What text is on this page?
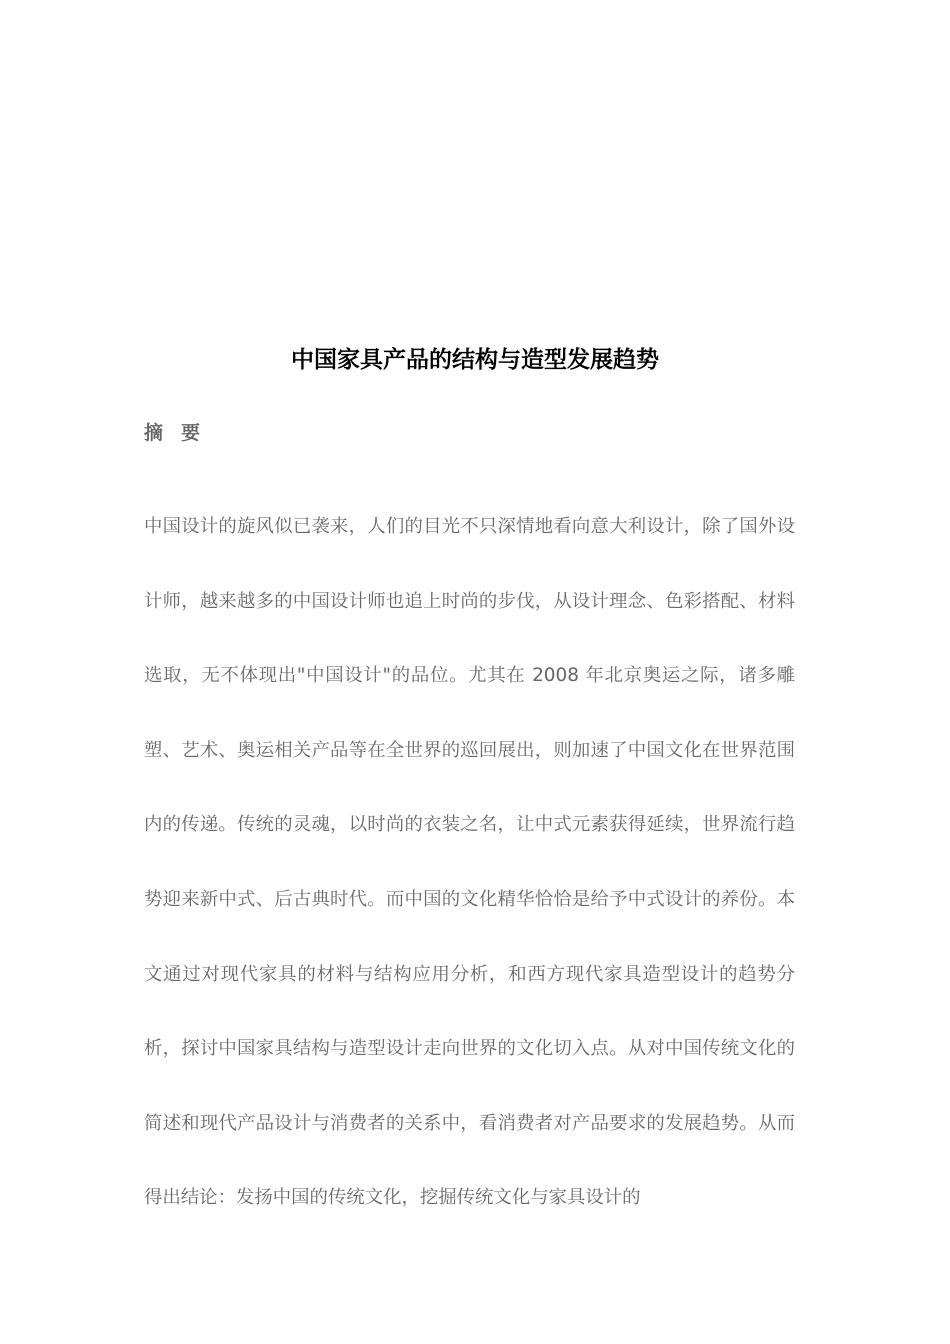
中国家具产品的结构与造型发展趋势
摘要

中国设计的旋风似已袭来，人们的目光不只深情地看向意大利设计，除了国外设计师，越来越多的中国设计师也追上时尚的步伐，从设计理念、色彩搭配、材料选取，无不体现出"中国设计"的品位。尤其在 2008 年北京奥运之际，诸多雕塑、艺术、奥运相关产品等在全世界的巡回展出，则加速了中国文化在世界范围内的传递。传统的灵魂，以时尚的衣装之名，让中式元素获得延续，世界流行趋势迎来新中式、后古典时代。而中国的文化精华恰恰是给予中式设计的养份。本文通过对现代家具的材料与结构应用分析，和西方现代家具造型设计的趋势分析，探讨中国家具结构与造型设计走向世界的文化切入点。从对中国传统文化的简述和现代产品设计与消费者的关系中，看消费者对产品要求的发展趋势。从而得出结论：发扬中国的传统文化，挖掘传统文化与家具设计的
